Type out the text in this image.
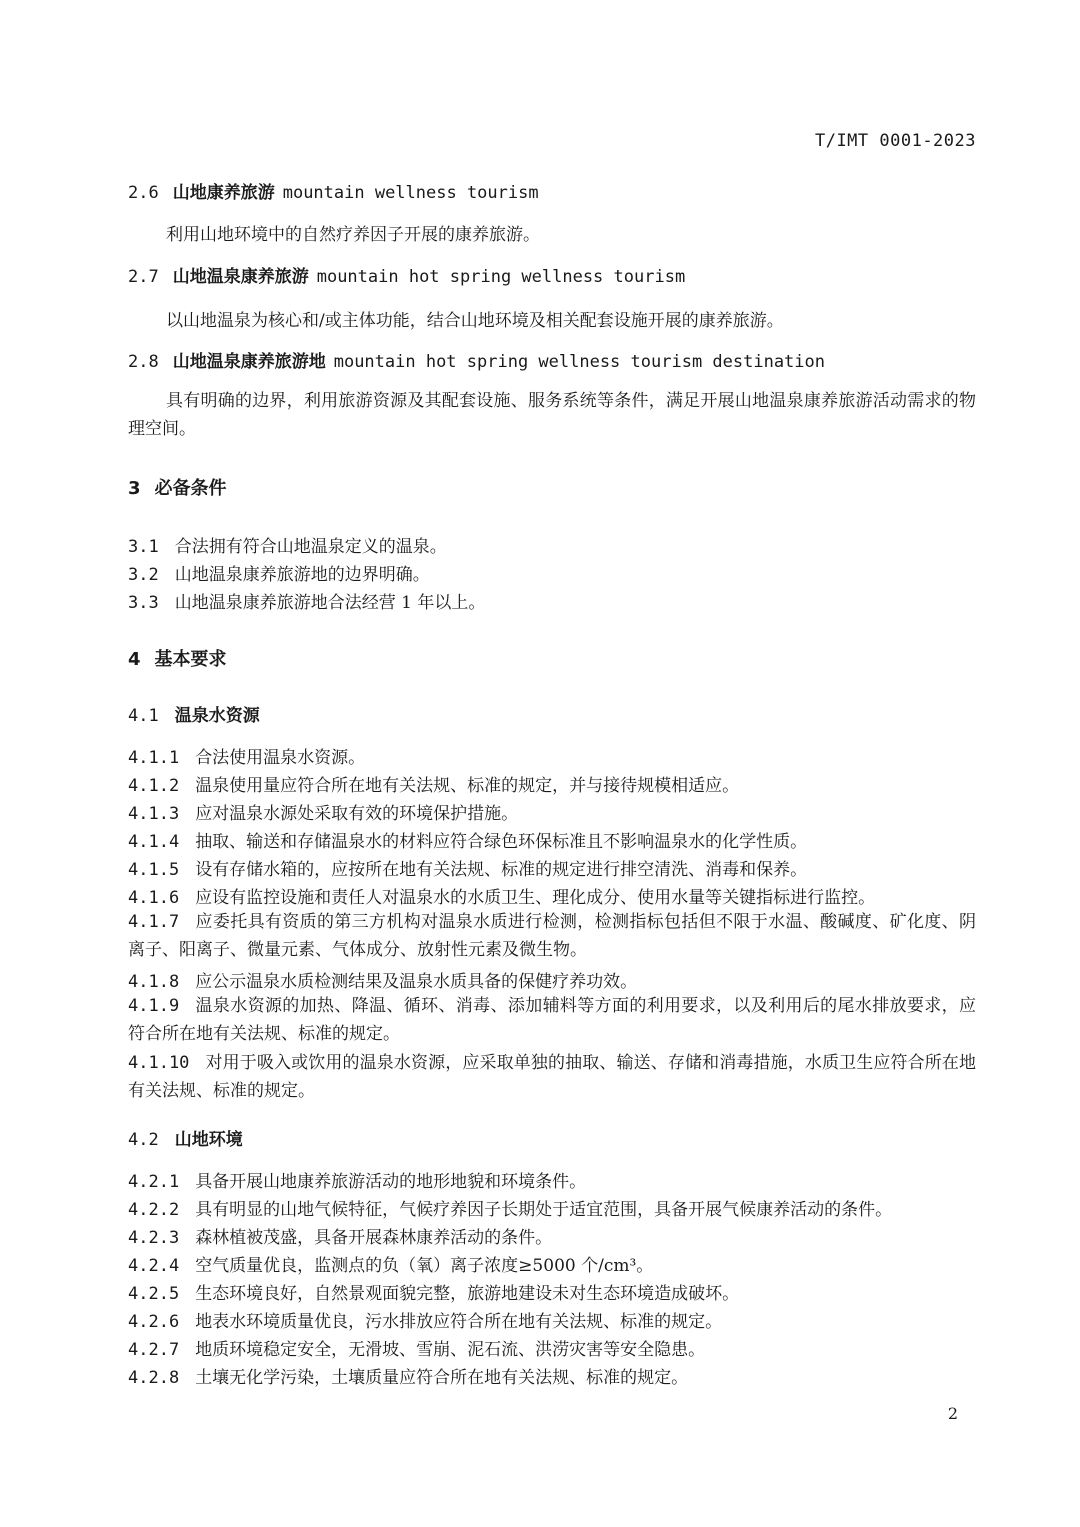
T/IMT 0001-2023
2.6 山地康养旅游 mountain wellness tourism
利用山地环境中的自然疗养因子开展的康养旅游。
2.7 山地温泉康养旅游 mountain hot spring wellness tourism
以山地温泉为核心和/或主体功能，结合山地环境及相关配套设施开展的康养旅游。
2.8 山地温泉康养旅游地 mountain hot spring wellness tourism destination
具有明确的边界，利用旅游资源及其配套设施、服务系统等条件，满足开展山地温泉康养旅游活动需求的物理空间。
3 必备条件
3.1 合法拥有符合山地温泉定义的温泉。
3.2 山地温泉康养旅游地的边界明确。
3.3 山地温泉康养旅游地合法经营 1 年以上。
4 基本要求
4.1 温泉水资源
4.1.1 合法使用温泉水资源。
4.1.2 温泉使用量应符合所在地有关法规、标准的规定，并与接待规模相适应。
4.1.3 应对温泉水源处采取有效的环境保护措施。
4.1.4 抽取、输送和存储温泉水的材料应符合绿色环保标准且不影响温泉水的化学性质。
4.1.5 设有存储水箱的，应按所在地有关法规、标准的规定进行排空清洗、消毒和保养。
4.1.6 应设有监控设施和责任人对温泉水的水质卫生、理化成分、使用水量等关键指标进行监控。
4.1.7 应委托具有资质的第三方机构对温泉水质进行检测，检测指标包括但不限于水温、酸碱度、矿化度、阴离子、阳离子、微量元素、气体成分、放射性元素及微生物。
4.1.8 应公示温泉水质检测结果及温泉水质具备的保健疗养功效。
4.1.9 温泉水资源的加热、降温、循环、消毒、添加辅料等方面的利用要求，以及利用后的尾水排放要求，应符合所在地有关法规、标准的规定。
4.1.10 对用于吸入或饮用的温泉水资源，应采取单独的抽取、输送、存储和消毒措施，水质卫生应符合所在地有关法规、标准的规定。
4.2 山地环境
4.2.1 具备开展山地康养旅游活动的地形地貌和环境条件。
4.2.2 具有明显的山地气候特征，气候疗养因子长期处于适宜范围，具备开展气候康养活动的条件。
4.2.3 森林植被茂盛，具备开展森林康养活动的条件。
4.2.4 空气质量优良，监测点的负（氧）离子浓度≥5000 个/cm³。
4.2.5 生态环境良好，自然景观面貌完整，旅游地建设未对生态环境造成破坏。
4.2.6 地表水环境质量优良，污水排放应符合所在地有关法规、标准的规定。
4.2.7 地质环境稳定安全，无滑坡、雪崩、泥石流、洪涝灾害等安全隐患。
4.2.8 土壤无化学污染，土壤质量应符合所在地有关法规、标准的规定。
2
